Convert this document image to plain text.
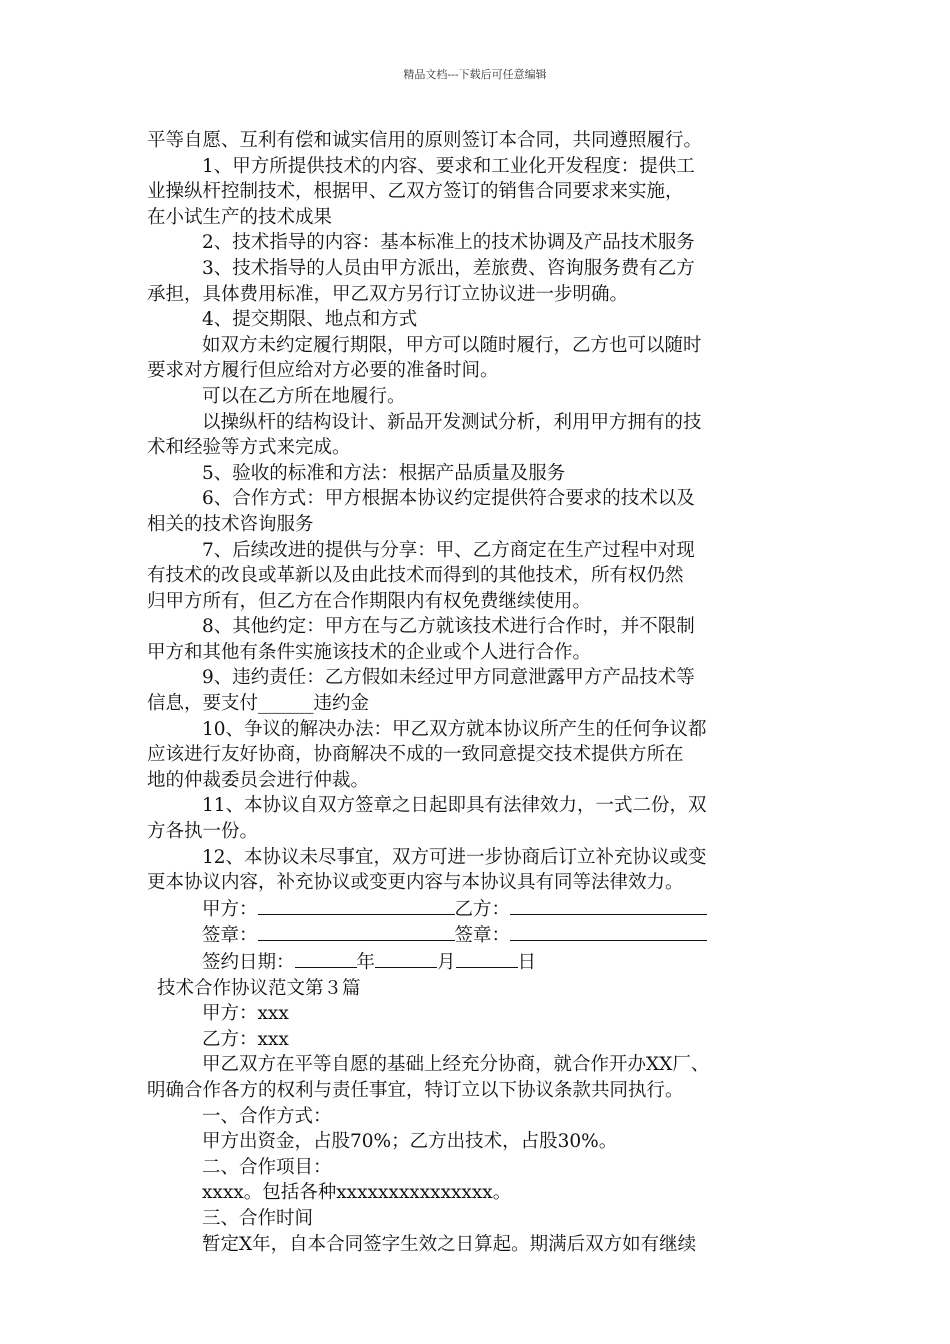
精品文档---下载后可任意编辑

平等自愿、互利有偿和诚实信用的原则签订本合同，共同遵照履行。

1、甲方所提供技术的内容、要求和工业化开发程度：提供工

业操纵杆控制技术，根据甲、乙双方签订的销售合同要求来实施，

在小试生产的技术成果

2、技术指导的内容：基本标准上的技术协调及产品技术服务

3、技术指导的人员由甲方派出，差旅费、咨询服务费有乙方

承担，具体费用标准，甲乙双方另行订立协议进一步明确。

4、提交期限、地点和方式

如双方未约定履行期限，甲方可以随时履行，乙方也可以随时

要求对方履行但应给对方必要的准备时间。

可以在乙方所在地履行。

以操纵杆的结构设计、新品开发测试分析，利用甲方拥有的技

术和经验等方式来完成。

5、验收的标准和方法：根据产品质量及服务

6、合作方式：甲方根据本协议约定提供符合要求的技术以及

相关的技术咨询服务

7、后续改进的提供与分享：甲、乙方商定在生产过程中对现

有技术的改良或革新以及由此技术而得到的其他技术，所有权仍然

归甲方所有，但乙方在合作期限内有权免费继续使用。

8、其他约定：甲方在与乙方就该技术进行合作时，并不限制

甲方和其他有条件实施该技术的企业或个人进行合作。

9、违约责任：乙方假如未经过甲方同意泄露甲方产品技术等

信息，要支付______违约金

10、争议的解决办法：甲乙双方就本协议所产生的任何争议都

应该进行友好协商，协商解决不成的一致同意提交技术提供方所在

地的仲裁委员会进行仲裁。

11、本协议自双方签章之日起即具有法律效力，一式二份，双

方各执一份。

12、本协议未尽事宜，双方可进一步协商后订立补充协议或变

更本协议内容，补充协议或变更内容与本协议具有同等法律效力。

甲方：	乙方：

签章：	签章：

签约日期：	年	月	日

技术合作协议范文第３篇

甲方：xxx

乙方：xxx

甲乙双方在平等自愿的基础上经充分协商，就合作开办XX厂、

明确合作各方的权利与责任事宜，特订立以下协议条款共同执行。

一、合作方式：

甲方出资金，占股70%；乙方出技术，占股30%。

二、合作项目：

xxxx。包括各种xxxxxxxxxxxxxxx。

三、合作时间

暂定X年，自本合同签字生效之日算起。期满后双方如有继续
